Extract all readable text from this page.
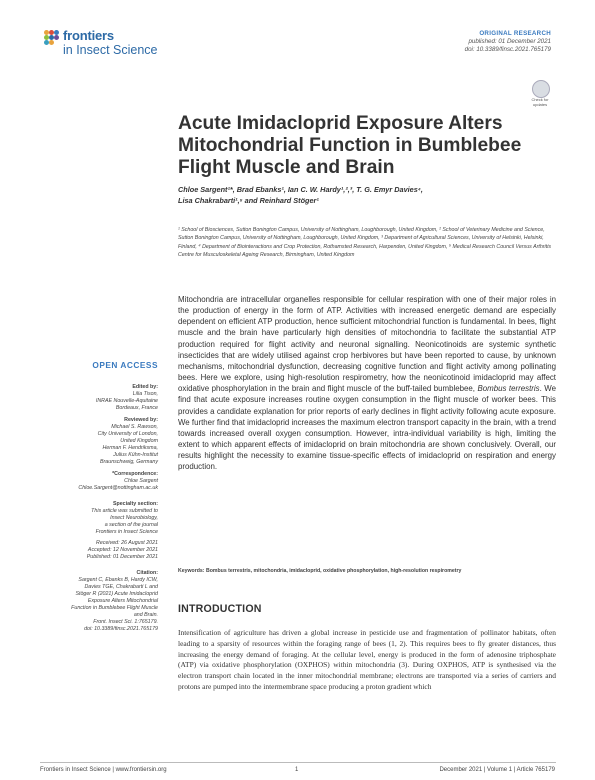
frontiers
in Insect Science
ORIGINAL RESEARCH
published: 01 December 2021
doi: 10.3389/finsc.2021.765179
Check for updates
Acute Imidacloprid Exposure Alters Mitochondrial Function in Bumblebee Flight Muscle and Brain
Chloe Sargent¹*, Brad Ebanks¹, Ian C. W. Hardy¹,²,³, T. G. Emyr Davies⁴,
Lisa Chakrabarti¹,⁵ and Reinhard Stöger¹
¹ School of Biosciences, Sutton Bonington Campus, University of Nottingham, Loughborough, United Kingdom, ² School of Veterinary Medicine and Science, Sutton Bonington Campus, University of Nottingham, Loughborough, United Kingdom, ³ Department of Agricultural Sciences, University of Helsinki, Helsinki, Finland, ⁴ Department of Biointeractions and Crop Protection, Rothamsted Research, Harpenden, United Kingdom, ⁵ Medical Research Council Versus Arthritis Centre for Musculoskeletal Ageing Research, Birmingham, United Kingdom
Mitochondria are intracellular organelles responsible for cellular respiration with one of their major roles in the production of energy in the form of ATP. Activities with increased energetic demand are especially dependent on efficient ATP production, hence sufficient mitochondrial function is fundamental. In bees, flight muscle and the brain have particularly high densities of mitochondria to facilitate the substantial ATP production required for flight activity and neuronal signalling. Neonicotinoids are systemic synthetic insecticides that are widely utilised against crop herbivores but have been reported to cause, by unknown mechanisms, mitochondrial dysfunction, decreasing cognitive function and flight activity among pollinating bees. Here we explore, using high-resolution respirometry, how the neonicotinoid imidacloprid may affect oxidative phosphorylation in the brain and flight muscle of the buff-tailed bumblebee, Bombus terrestris. We find that acute exposure increases routine oxygen consumption in the flight muscle of worker bees. This provides a candidate explanation for prior reports of early declines in flight activity following acute exposure. We further find that imidacloprid increases the maximum electron transport capacity in the brain, with a trend towards increased overall oxygen consumption. However, intra-individual variability is high, limiting the extent to which apparent effects of imidacloprid on brain mitochondria are shown conclusively. Overall, our results highlight the necessity to examine tissue-specific effects of imidacloprid on respiration and energy production.
Keywords: Bombus terrestris, mitochondria, imidacloprid, oxidative phosphorylation, high-resolution respirometry
INTRODUCTION
Intensification of agriculture has driven a global increase in pesticide use and fragmentation of pollinator habitats, often leading to a sparsity of resources within the foraging range of bees (1, 2). This requires bees to fly greater distances, thus increasing the energy demand of foraging. At the cellular level, energy is produced in the form of adenosine triphosphate (ATP) via oxidative phosphorylation (OXPHOS) within mitochondria (3). During OXPHOS, ATP is synthesised via the electron transport chain located in the inner mitochondrial membrane; electrons are transported via a series of carriers and protons are pumped into the intermembrane space producing a proton gradient which
OPEN ACCESS
Edited by:
Lilia Tison,
INRAE Nouvelle-Aquitaine
Bordeaux, France
Reviewed by:
Michael S. Rawson,
City University of London,
United Kingdom
Herman F. Hendriksma,
Julius Kühn-Institut
Braunschweig, Germany
*Correspondence:
Chloe Sargent
Chloe.Sargent@nottingham.ac.uk
Specialty section:
This article was submitted to
Insect Neurobiology,
a section of the journal
Frontiers in Insect Science
Received: 26 August 2021
Accepted: 12 November 2021
Published: 01 December 2021
Citation:
Sargent C, Ebanks B, Hardy ICW,
Davies TGE, Chakrabarti L and
Stöger R (2021) Acute Imidacloprid
Exposure Alters Mitochondrial
Function in Bumblebee Flight Muscle
and Brain.
Front. Insect Sci. 1:765179.
doi: 10.3389/finsc.2021.765179
Frontiers in Insect Science | www.frontiersin.org	1	December 2021 | Volume 1 | Article 765179
